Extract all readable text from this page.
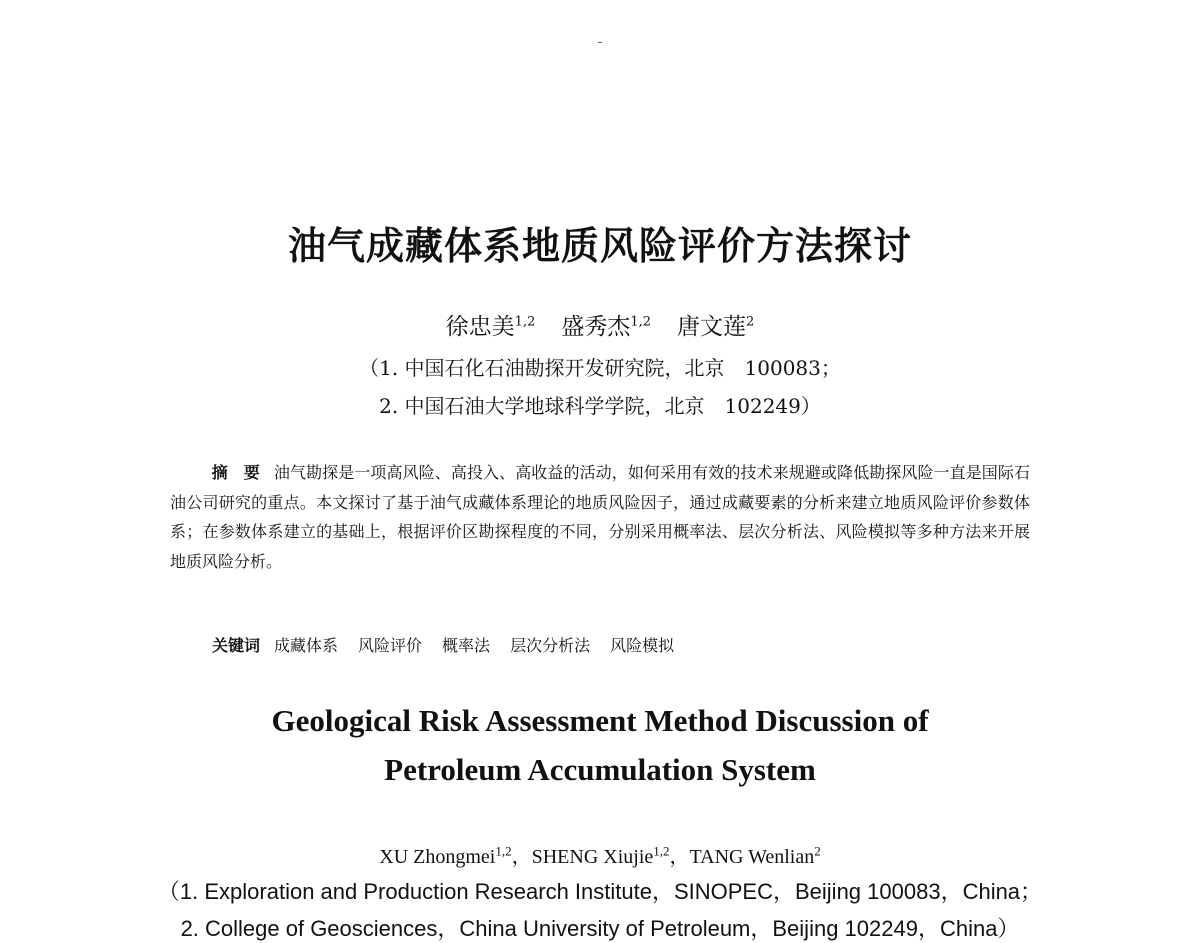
-
油气成藏体系地质风险评价方法探讨
徐忠美$^{1,2}$ 盛秀杰$^{1,2}$ 唐文莲$^2$
（1. 中国石化石油勘探开发研究院，北京　100083；
2. 中国石油大学地球科学学院，北京　102249）
摘　要 油气勘探是一项高风险、高投入、高收益的活动，如何采用有效的技术来规避或降低勘探风险一直是国际石油公司研究的重点。本文探讨了基于油气成藏体系理论的地质风险因子，通过成藏要素的分析来建立地质风险评价参数体系；在参数体系建立的基础上，根据评价区勘探程度的不同，分别采用概率法、层次分析法、风险模拟等多种方法来开展地质风险分析。
关键词 成藏体系 风险评价 概率法 层次分析法 风险模拟
Geological Risk Assessment Method Discussion of
Petroleum Accumulation System
XU Zhongmei$^{1,2}$，SHENG Xiujie$^{1,2}$，TANG Wenlian$^2$
（1. Exploration and Production Research Institute，SINOPEC，Beijing 100083，China；
2. College of Geosciences，China University of Petroleum，Beijing 102249，China）
